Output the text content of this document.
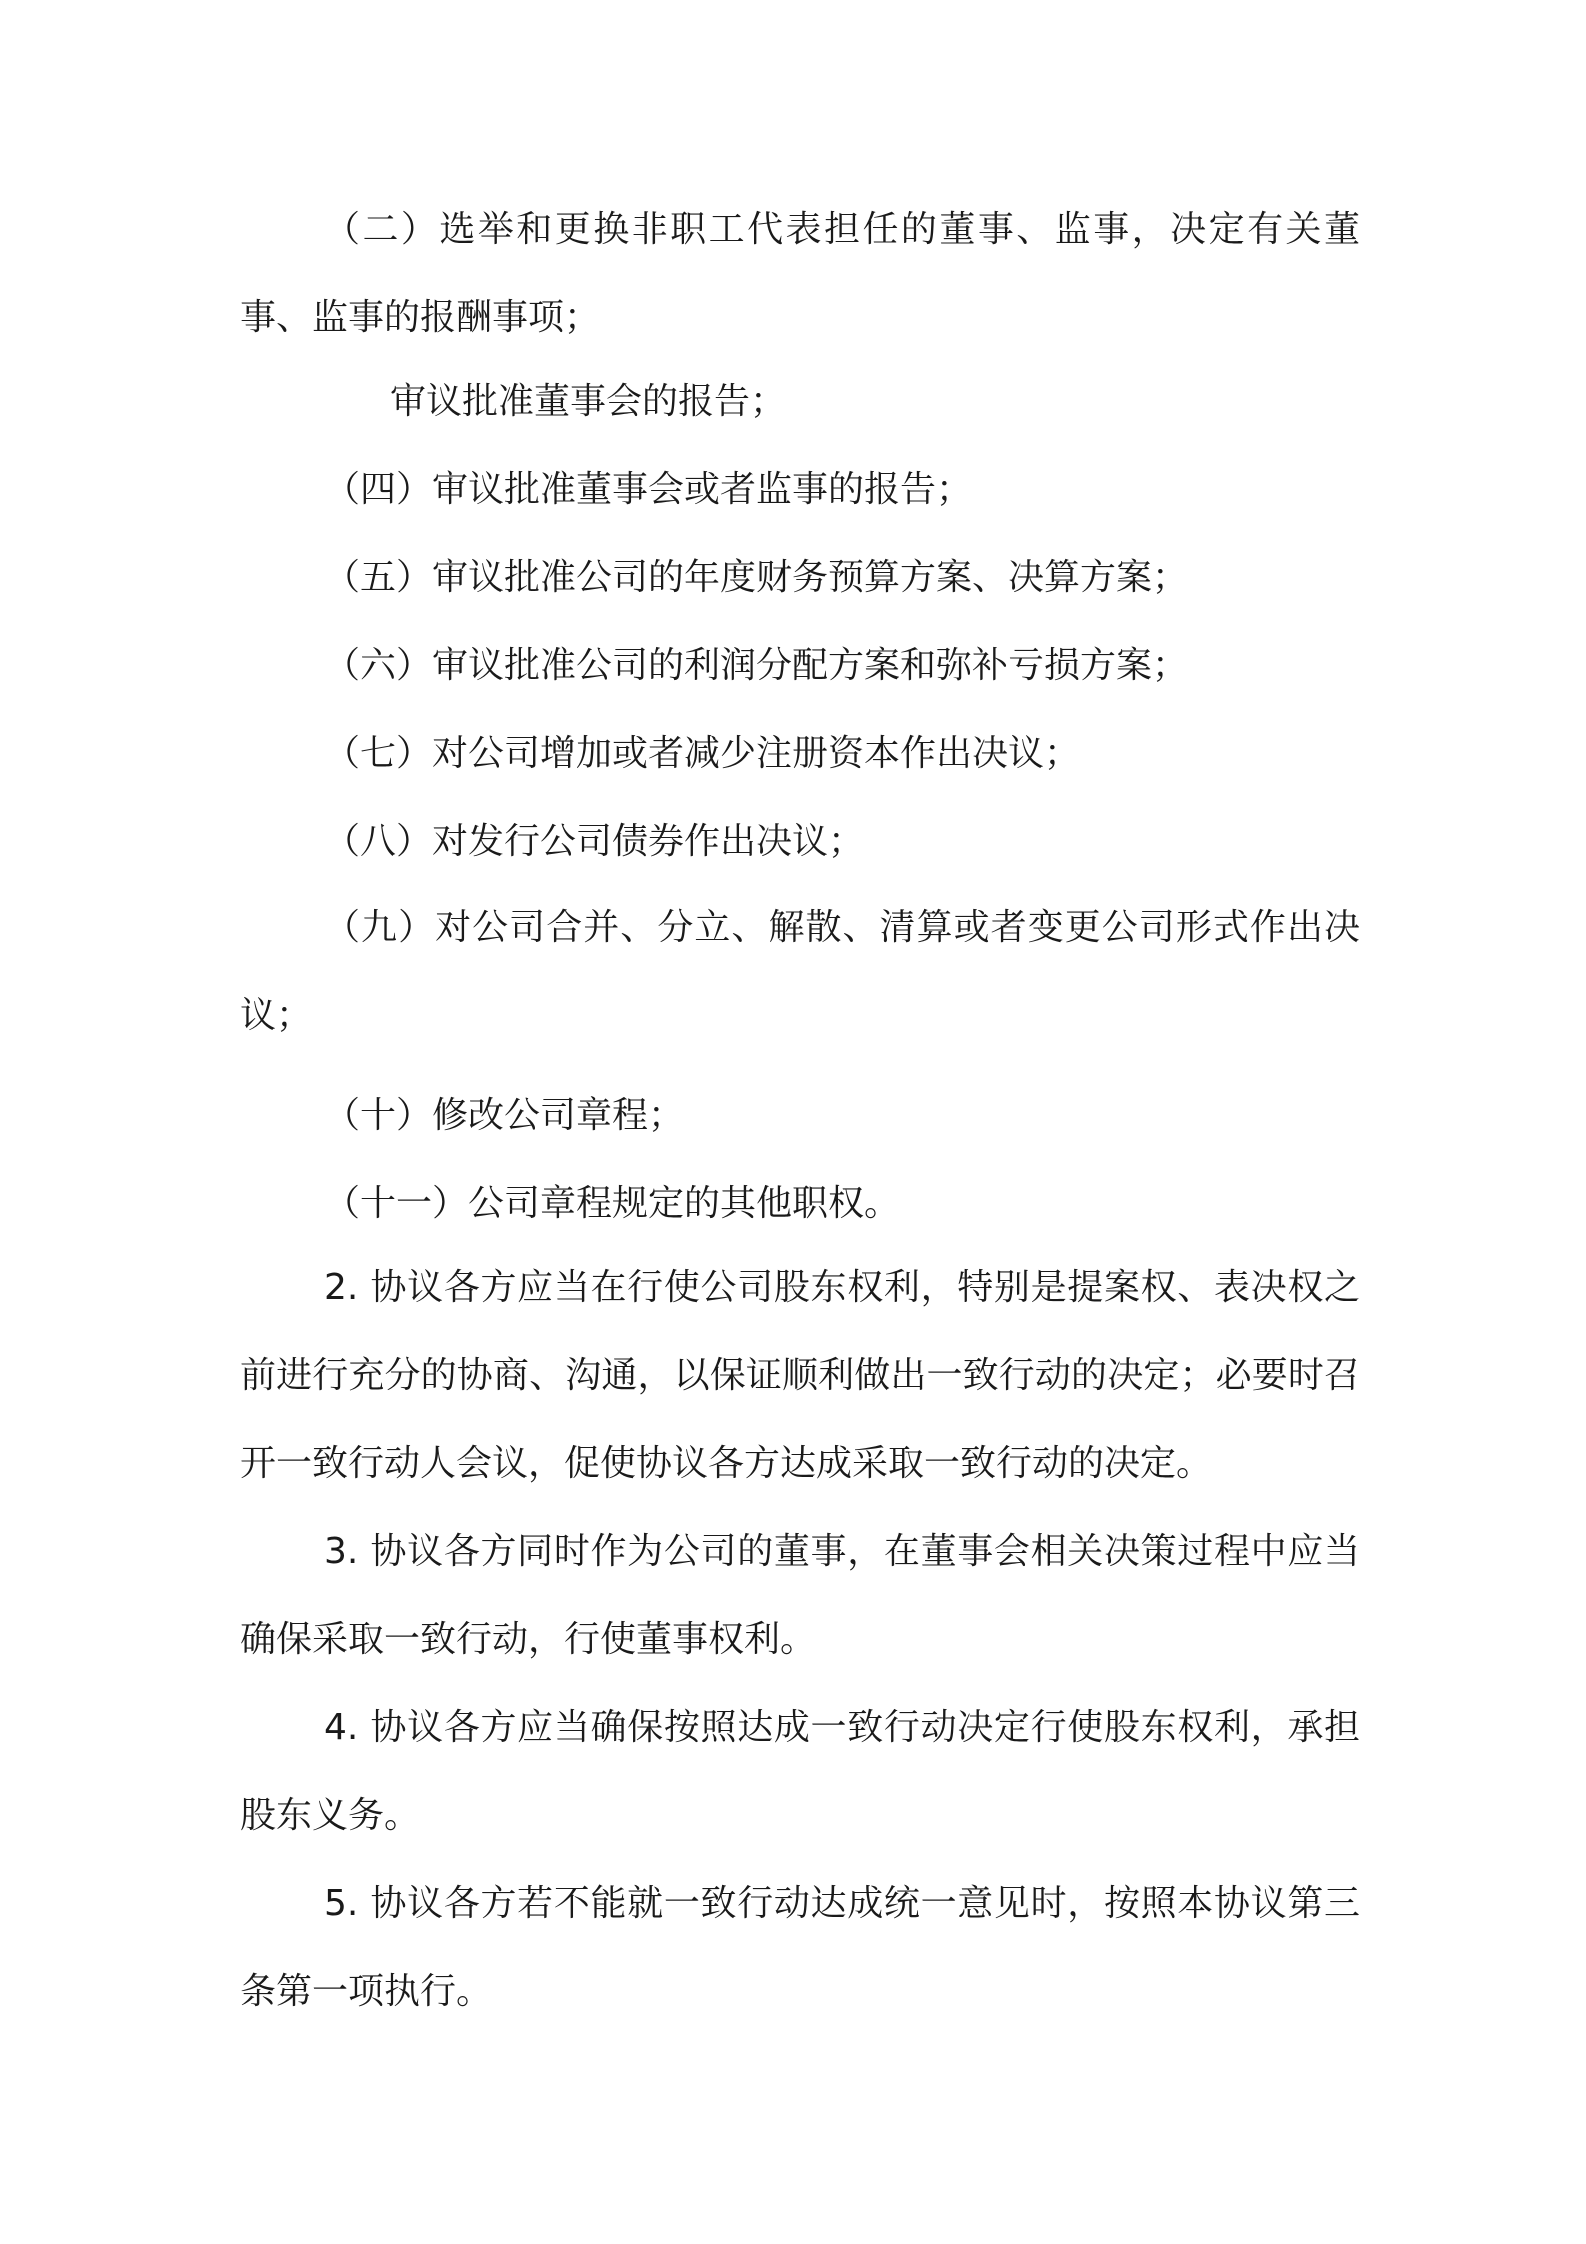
（二）选举和更换非职工代表担任的董事、监事，决定有关董事、监事的报酬事项；

审议批准董事会的报告；

（四）审议批准董事会或者监事的报告；

（五）审议批准公司的年度财务预算方案、决算方案；

（六）审议批准公司的利润分配方案和弥补亏损方案；

（七）对公司增加或者减少注册资本作出决议；

（八）对发行公司债券作出决议；

（九）对公司合并、分立、解散、清算或者变更公司形式作出决议；

（十）修改公司章程；

（十一）公司章程规定的其他职权。

2. 协议各方应当在行使公司股东权利，特别是提案权、表决权之前进行充分的协商、沟通，以保证顺利做出一致行动的决定；必要时召开一致行动人会议，促使协议各方达成采取一致行动的决定。

3. 协议各方同时作为公司的董事，在董事会相关决策过程中应当确保采取一致行动，行使董事权利。

4. 协议各方应当确保按照达成一致行动决定行使股东权利，承担股东义务。

5. 协议各方若不能就一致行动达成统一意见时，按照本协议第三条第一项执行。
